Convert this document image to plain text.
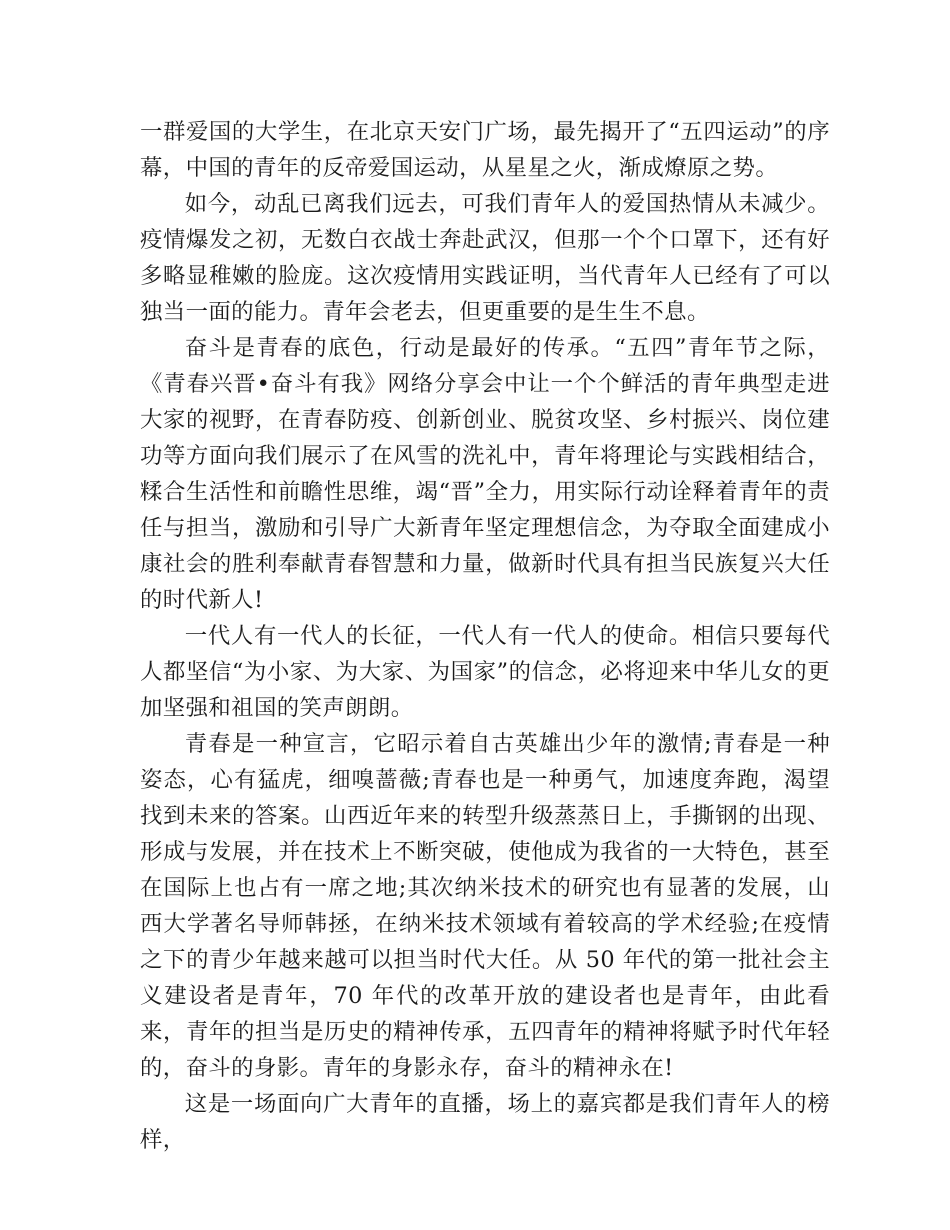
一群爱国的大学生，在北京天安门广场，最先揭开了“五四运动”的序幕，中国的青年的反帝爱国运动，从星星之火，渐成燎原之势。

如今，动乱已离我们远去，可我们青年人的爱国热情从未减少。疫情爆发之初，无数白衣战士奔赴武汉，但那一个个口罩下，还有好多略显稚嫩的脸庞。这次疫情用实践证明，当代青年人已经有了可以独当一面的能力。青年会老去，但更重要的是生生不息。

奋斗是青春的底色，行动是最好的传承。“五四”青年节之际，《青春兴晋•奋斗有我》网络分享会中让一个个鲜活的青年典型走进大家的视野，在青春防疫、创新创业、脱贫攻坚、乡村振兴、岗位建功等方面向我们展示了在风雪的洗礼中，青年将理论与实践相结合，糅合生活性和前瞻性思维，竭“晋”全力，用实际行动诠释着青年的责任与担当，激励和引导广大新青年坚定理想信念，为夺取全面建成小康社会的胜利奉献青春智慧和力量，做新时代具有担当民族复兴大任的时代新人!

一代人有一代人的长征，一代人有一代人的使命。相信只要每代人都坚信“为小家、为大家、为国家”的信念，必将迎来中华儿女的更加坚强和祖国的笑声朗朗。

青春是一种宣言，它昭示着自古英雄出少年的激情;青春是一种姿态，心有猛虎，细嗅蔷薇;青春也是一种勇气，加速度奔跑，渴望找到未来的答案。山西近年来的转型升级蒸蒸日上，手撕钢的出现、形成与发展，并在技术上不断突破，使他成为我省的一大特色，甚至在国际上也占有一席之地;其次纳米技术的研究也有显著的发展，山西大学著名导师韩拯，在纳米技术领域有着较高的学术经验;在疫情之下的青少年越来越可以担当时代大任。从 50 年代的第一批社会主义建设者是青年，70 年代的改革开放的建设者也是青年，由此看来，青年的担当是历史的精神传承，五四青年的精神将赋予时代年轻的，奋斗的身影。青年的身影永存，奋斗的精神永在!

这是一场面向广大青年的直播，场上的嘉宾都是我们青年人的榜样，
